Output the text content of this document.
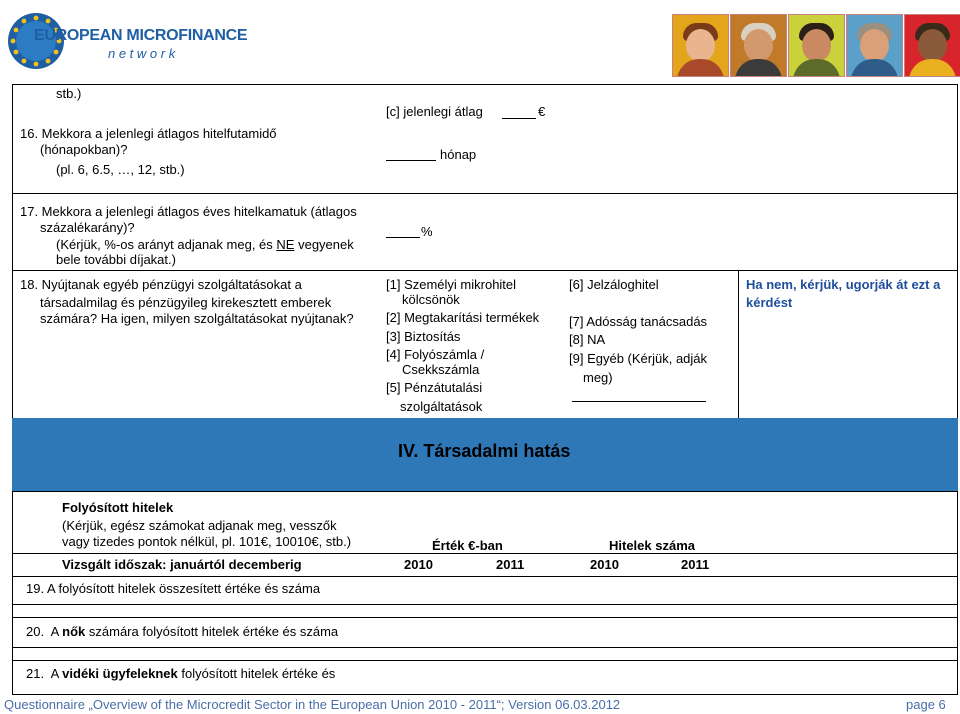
EUROPEAN MICROFINANCE
n e t w o r k
stb.)
[c] jelenlegi átlag	€
16. Mekkora a jelenlegi átlagos hitelfutamidő
(hónapokban)?
(pl. 6, 6.5, …, 12, stb.)
hónap
17. Mekkora a jelenlegi átlagos éves hitelkamatuk (átlagos
százalékarány)?
(Kérjük, %-os arányt adjanak meg, és NE vegyenek
bele további díjakat.)
%
18. Nyújtanak egyéb pénzügyi szolgáltatásokat a
társadalmilag és pénzügyileg kirekesztett emberek
számára? Ha igen, milyen szolgáltatásokat nyújtanak?
[1] Személyi mikrohitel
kölcsönök
[2] Megtakarítási termékek
[3] Biztosítás
[4] Folyószámla /
Csekkszámla
[5] Pénzátutalási
szolgáltatások
[6] Jelzáloghitel
[7] Adósság tanácsadás
[8] NA
[9] Egyéb (Kérjük, adják
meg)
Ha nem, kérjük, ugorják át ezt a
kérdést
IV. Társadalmi hatás
Folyósított hitelek
(Kérjük, egész számokat adjanak meg, vesszők
vagy tizedes pontok nélkül, pl. 101€, 10010€, stb.)	Érték €-ban	Hitelek száma
Vizsgált időszak: januártól decemberig	2010	2011	2010	2011
19. A folyósított hitelek összesített értéke és száma
20.  A nők számára folyósított hitelek értéke és száma
21.  A vidéki ügyfeleknek folyósított hitelek értéke és
Questionnaire „Overview of the Microcredit Sector in the European Union 2010 - 2011“; Version 06.03.2012	page 6
